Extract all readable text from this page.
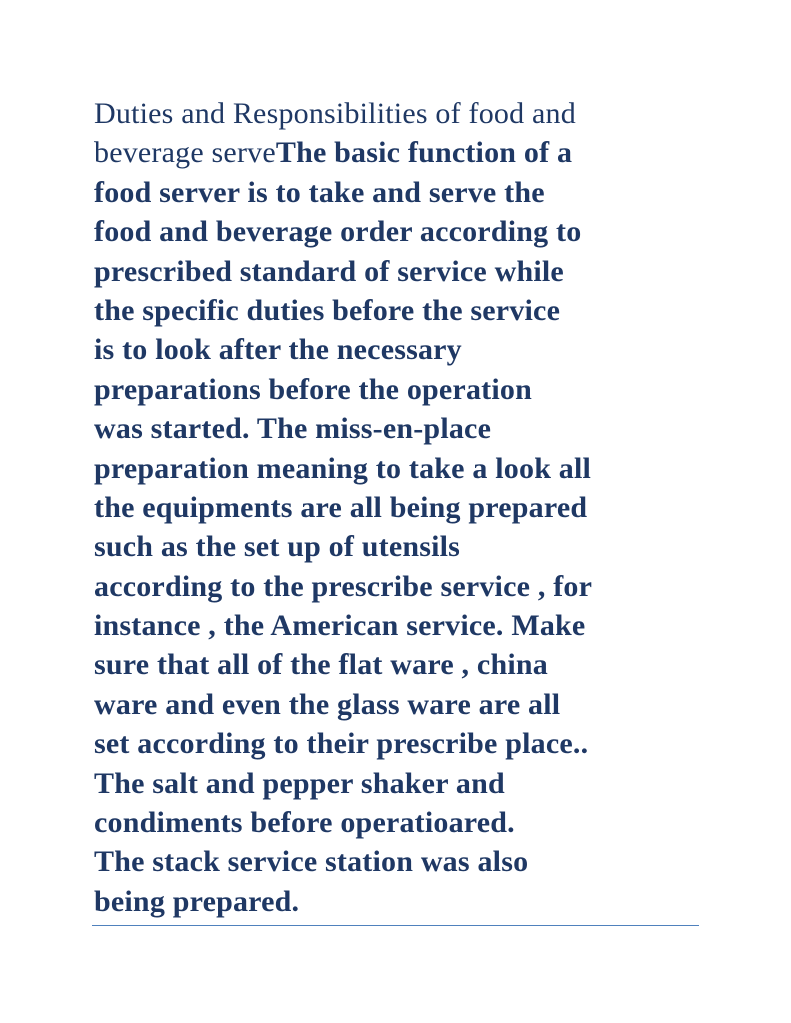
Duties and Responsibilities of food and
beverage serveThe basic function of a
food server is to take and serve the
food and beverage order according to
prescribed standard of service while
the specific duties before the service
is to look after the necessary
preparations before the operation
was started. The miss-en-place
preparation meaning to take a look all
the equipments are all being prepared
such as the set up of utensils
according to the prescribe service , for
instance , the American service. Make
sure that all of the flat ware , china
ware and even the glass ware are all
set according to their prescribe place..
The salt and pepper shaker and
condiments before operatioared.
The stack service station was also
being prepared.
